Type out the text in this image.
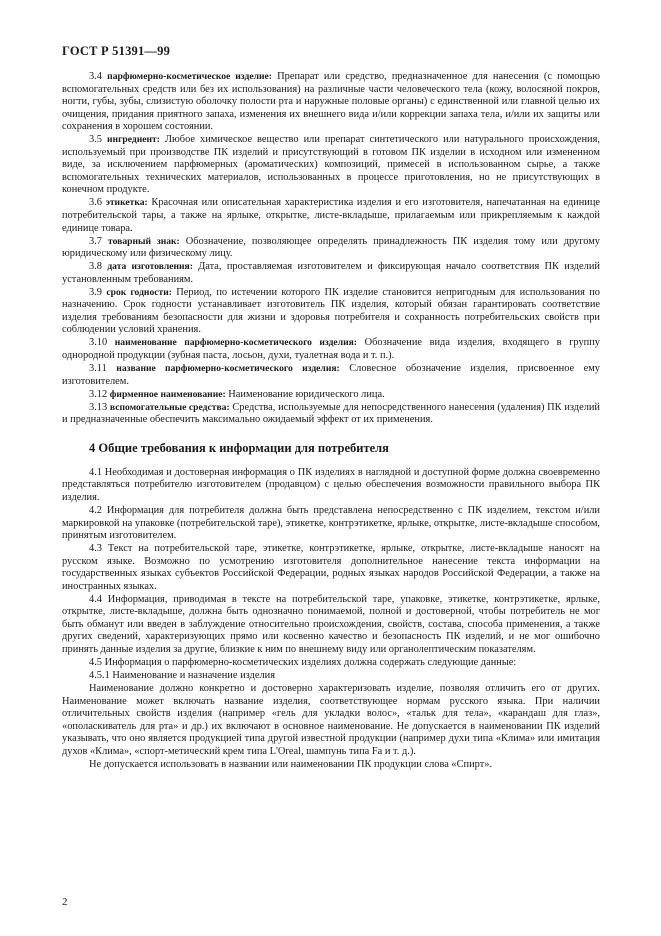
ГОСТ Р 51391—99

3.4 парфюмерно-косметическое изделие: Препарат или средство, предназначенное для нанесения (с помощью вспомогательных средств или без их использования) на различные части человеческого тела (кожу, волосяной покров, ногти, губы, зубы, слизистую оболочку полости рта и наружные половые органы) с единственной или главной целью их очищения, придания приятного запаха, изменения их внешнего вида и/или коррекции запаха тела, и/или их защиты или сохранения в хорошем состоянии.

3.5 ингредиент: Любое химическое вещество или препарат синтетического или натурального происхождения, используемый при производстве ПК изделий и присутствующий в готовом ПК изделии в исходном или измененном виде, за исключением парфюмерных (ароматических) композиций, примесей в использованном сырье, а также вспомогательных технических материалов, использованных в процессе приготовления, но не присутствующих в конечном продукте.

3.6 этикетка: Красочная или описательная характеристика изделия и его изготовителя, напечатанная на единице потребительской тары, а также на ярлыке, открытке, листе-вкладыше, прилагаемым или прикрепляемым к каждой единице товара.

3.7 товарный знак: Обозначение, позволяющее определять принадлежность ПК изделия тому или другому юридическому или физическому лицу.

3.8 дата изготовления: Дата, проставляемая изготовителем и фиксирующая начало соответствия ПК изделий установленным требованиям.

3.9 срок годности: Период, по истечении которого ПК изделие становится непригодным для использования по назначению. Срок годности устанавливает изготовитель ПК изделия, который обязан гарантировать соответствие изделия требованиям безопасности для жизни и здоровья потребителя и сохранность потребительских свойств при соблюдении условий хранения.

3.10 наименование парфюмерно-косметического изделия: Обозначение вида изделия, входящего в группу однородной продукции (зубная паста, лосьон, духи, туалетная вода и т. п.).

3.11 название парфюмерно-косметического изделия: Словесное обозначение изделия, присвоенное ему изготовителем.

3.12 фирменное наименование: Наименование юридического лица.

3.13 вспомогательные средства: Средства, используемые для непосредственного нанесения (удаления) ПК изделий и предназначенные обеспечить максимально ожидаемый эффект от их применения.

4 Общие требования к информации для потребителя

4.1 Необходимая и достоверная информация о ПК изделиях в наглядной и доступной форме должна своевременно представляться потребителю изготовителем (продавцом) с целью обеспечения возможности правильного выбора ПК изделия.

4.2 Информация для потребителя должна быть представлена непосредственно с ПК изделием, текстом и/или маркировкой на упаковке (потребительской таре), этикетке, контрэтикетке, ярлыке, открытке, листе-вкладыше способом, принятым изготовителем.

4.3 Текст на потребительской таре, этикетке, контрэтикетке, ярлыке, открытке, листе-вкладыше наносят на русском языке. Возможно по усмотрению изготовителя дополнительное нанесение текста информации на государственных языках субъектов Российской Федерации, родных языках народов Российской Федерации, а также на иностранных языках.

4.4 Информация, приводимая в тексте на потребительской таре, упаковке, этикетке, контрэтикетке, ярлыке, открытке, листе-вкладыше, должна быть однозначно понимаемой, полной и достоверной, чтобы потребитель не мог быть обманут или введен в заблуждение относительно происхождения, свойств, состава, способа применения, а также других сведений, характеризующих прямо или косвенно качество и безопасность ПК изделий, и не мог ошибочно принять данные изделия за другие, близкие к ним по внешнему виду или органолептическим показателям.

4.5 Информация о парфюмерно-косметических изделиях должна содержать следующие данные:

4.5.1 Наименование и назначение изделия

Наименование должно конкретно и достоверно характеризовать изделие, позволяя отличить его от других. Наименование может включать название изделия, соответствующее нормам русского языка. При наличии отличительных свойств изделия (например «гель для укладки волос», «тальк для тела», «карандаш для глаз», «ополаскиватель для рта» и др.) их включают в основное наименование. Не допускается в наименовании ПК изделий указывать, что оно является продукцией типа другой известной продукции (например духи типа «Клима» или имитация духов «Клима», «спорт-метический крем типа L'Oreal, шампунь типа Fa и т. д.).

Не допускается использовать в названии или наименовании ПК продукции слова «Спирт».

2
